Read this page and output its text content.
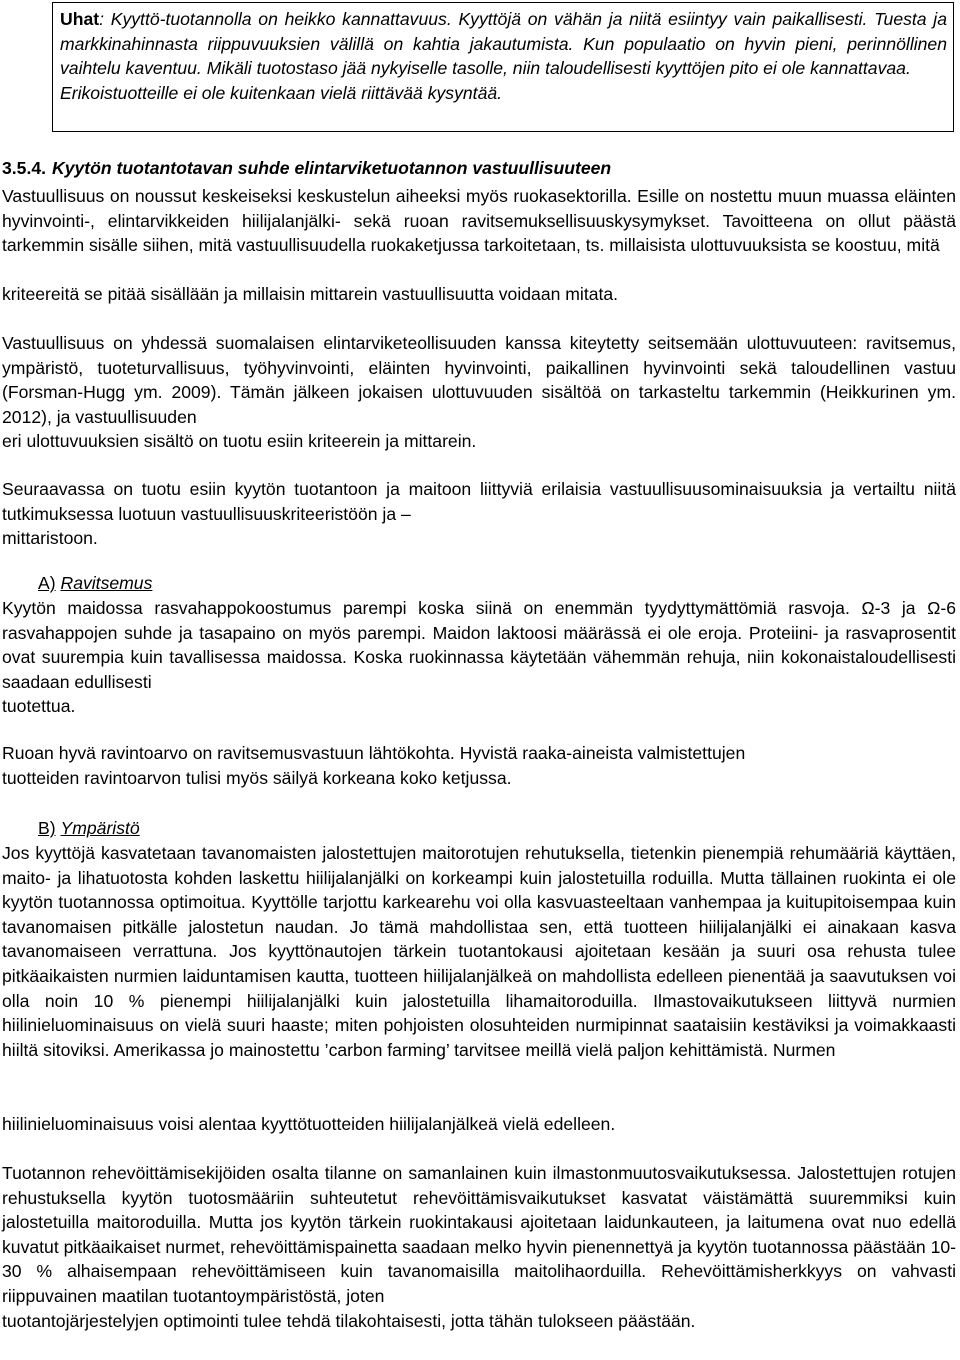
Uhat: Kyyttö-tuotannolla on heikko kannattavuus. Kyyttöjä on vähän ja niitä esiintyy vain paikallisesti. Tuesta ja markkinahinnasta riippuvuuksien välillä on kahtia jakautumista. Kun populaatio on hyvin pieni, perinnöllinen vaihtelu kaventuu. Mikäli tuotostaso jää nykyiselle tasolle, niin taloudellisesti kyyttöjen pito ei ole kannattavaa.

Erikoistuotteille ei ole kuitenkaan vielä riittävää kysyntää.

3.5.4. Kyytön tuotantotavan suhde elintarviketuotannon vastuullisuuteen

Vastuullisuus on noussut keskeiseksi keskustelun aiheeksi myös ruokasektorilla. Esille on nostettu muun muassa eläinten hyvinvointi-, elintarvikkeiden hiilijalanjälki- sekä ruoan ravitsemuksellisuuskysymykset. Tavoitteena on ollut päästä tarkemmin sisälle siihen, mitä vastuullisuudella ruokaketjussa tarkoitetaan, ts. millaisista ulottuvuuksista se koostuu, mitä

kriteereitä se pitää sisällään ja millaisin mittarein vastuullisuutta voidaan mitata.

Vastuullisuus on yhdessä suomalaisen elintarviketeollisuuden kanssa kiteytetty seitsemään ulottuvuuteen: ravitsemus, ympäristö, tuoteturvallisuus, työhyvinvointi, eläinten hyvinvointi, paikallinen hyvinvointi sekä taloudellinen vastuu (Forsman-Hugg ym. 2009). Tämän jälkeen jokaisen ulottuvuuden sisältöä on tarkasteltu tarkemmin (Heikkurinen ym. 2012), ja vastuullisuuden

eri ulottuvuuksien sisältö on tuotu esiin kriteerein ja mittarein.

Seuraavassa on tuotu esiin kyytön tuotantoon ja maitoon liittyviä erilaisia vastuullisuusominaisuuksia ja vertailtu niitä tutkimuksessa luotuun vastuullisuuskriteeristöön ja –

mittaristoon.

A) Ravitsemus

Kyytön maidossa rasvahappokoostumus parempi koska siinä on enemmän tyydyttymättömiä rasvoja. Ω-3 ja Ω-6 rasvahappojen suhde ja tasapaino on myös parempi. Maidon laktoosi määrässä ei ole eroja. Proteiini- ja rasvaprosentit ovat suurempia kuin tavallisessa maidossa. Koska ruokinnassa käytetään vähemmän rehuja, niin kokonaistaloudellisesti saadaan edullisesti

tuotettua.

Ruoan hyvä ravintoarvo on ravitsemusvastuun lähtökohta. Hyvistä raaka-aineista valmistettujen

tuotteiden ravintoarvon tulisi myös säilyä korkeana koko ketjussa.

B) Ympäristö

Jos kyyttöjä kasvatetaan tavanomaisten jalostettujen maitorotujen rehutuksella, tietenkin pienempiä rehumääriä käyttäen, maito- ja lihatuotosta kohden laskettu hiilijalanjälki on korkeampi kuin jalostetuilla roduilla. Mutta tällainen ruokinta ei ole kyytön tuotannossa optimoitua. Kyyttölle tarjottu karkearehu voi olla kasvuasteeltaan vanhempaa ja kuitupitoisempaa kuin tavanomaisen pitkälle jalostetun naudan. Jo tämä mahdollistaa sen, että tuotteen hiilijalanjälki ei ainakaan kasva tavanomaiseen verrattuna. Jos kyyttönautojen tärkein tuotantokausi ajoitetaan kesään ja suuri osa rehusta tulee pitkäaikaisten nurmien laiduntamisen kautta, tuotteen hiilijalanjälkeä on mahdollista edelleen pienentää ja saavutuksen voi olla noin 10 % pienempi hiilijalanjälki kuin jalostetuilla lihamaitoroduilla. Ilmastovaikutukseen liittyvä nurmien hiilinieluominaisuus on vielä suuri haaste; miten pohjoisten olosuhteiden nurmipinnat saataisiin kestäviksi ja voimakkaasti hiiltä sitoviksi. Amerikassa jo mainostettu ’carbon farming’ tarvitsee meillä vielä paljon kehittämistä. Nurmen

hiilinieluominaisuus voisi alentaa kyyttötuotteiden hiilijalanjälkeä vielä edelleen.

Tuotannon rehevöittämisekijöiden osalta tilanne on samanlainen kuin ilmastonmuutosvaikutuksessa. Jalostettujen rotujen rehustuksella kyytön tuotosmääriin suhteutetut rehevöittämisvaikutukset kasvatat väistämättä suuremmiksi kuin jalostetuilla maitoroduilla. Mutta jos kyytön tärkein ruokintakausi ajoitetaan laidunkauteen, ja laitumena ovat nuo edellä kuvatut pitkäaikaiset nurmet, rehevöittämispainetta saadaan melko hyvin pienennettyä ja kyytön tuotannossa päästään 10-30 % alhaisempaan rehevöittämiseen kuin tavanomaisilla maitolihaorduilla. Rehevöittämisherkkyys on vahvasti riippuvainen maatilan tuotantoympäristöstä, joten

tuotantojärjestelyjen optimointi tulee tehdä tilakohtaisesti, jotta tähän tulokseen päästään.
